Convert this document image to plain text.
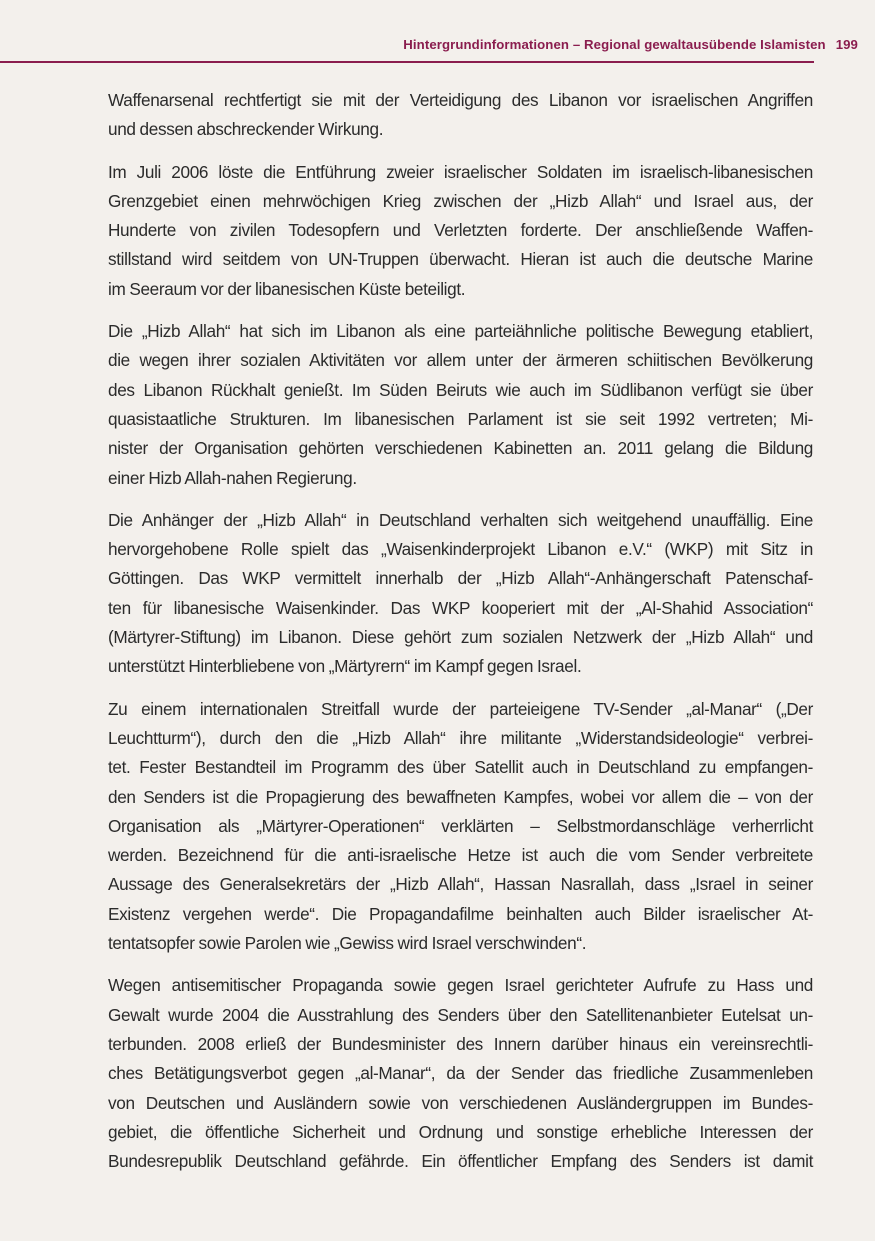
Hintergrundinformationen – Regional gewaltausübende Islamisten 199

Waffenarsenal rechtfertigt sie mit der Verteidigung des Libanon vor israelischen Angriffen
und dessen abschreckender Wirkung.

Im Juli 2006 löste die Entführung zweier israelischer Soldaten im israelisch-libanesischen
Grenzgebiet einen mehrwöchigen Krieg zwischen der „Hizb Allah“ und Israel aus, der
Hunderte von zivilen Todesopfern und Verletzten forderte. Der anschließende Waffen-
stillstand wird seitdem von UN-Truppen überwacht. Hieran ist auch die deutsche Marine
im Seeraum vor der libanesischen Küste beteiligt.

Die „Hizb Allah“ hat sich im Libanon als eine parteiähnliche politische Bewegung etabliert,
die wegen ihrer sozialen Aktivitäten vor allem unter der ärmeren schiitischen Bevölkerung
des Libanon Rückhalt genießt. Im Süden Beiruts wie auch im Südlibanon verfügt sie über
quasistaatliche Strukturen. Im libanesischen Parlament ist sie seit 1992 vertreten; Mi-
nister der Organisation gehörten verschiedenen Kabinetten an. 2011 gelang die Bildung
einer Hizb Allah-nahen Regierung.

Die Anhänger der „Hizb Allah“ in Deutschland verhalten sich weitgehend unauffällig. Eine
hervorgehobene Rolle spielt das „Waisenkinderprojekt Libanon e.V.“ (WKP) mit Sitz in
Göttingen. Das WKP vermittelt innerhalb der „Hizb Allah“-Anhängerschaft Patenschaf-
ten für libanesische Waisenkinder. Das WKP kooperiert mit der „Al-Shahid Association“
(Märtyrer-Stiftung) im Libanon. Diese gehört zum sozialen Netzwerk der „Hizb Allah“ und
unterstützt Hinterbliebene von „Märtyrern“ im Kampf gegen Israel.

Zu einem internationalen Streitfall wurde der parteieigene TV-Sender „al-Manar“ („Der
Leuchtturm“), durch den die „Hizb Allah“ ihre militante „Widerstandsideologie“ verbrei-
tet. Fester Bestandteil im Programm des über Satellit auch in Deutschland zu empfangen-
den Senders ist die Propagierung des bewaffneten Kampfes, wobei vor allem die – von der
Organisation als „Märtyrer-Operationen“ verklärten – Selbstmordanschläge verherrlicht
werden. Bezeichnend für die anti-israelische Hetze ist auch die vom Sender verbreitete
Aussage des Generalsekretärs der „Hizb Allah“, Hassan Nasrallah, dass „Israel in seiner
Existenz vergehen werde“. Die Propagandafilme beinhalten auch Bilder israelischer At-
tentatsopfer sowie Parolen wie „Gewiss wird Israel verschwinden“.

Wegen antisemitischer Propaganda sowie gegen Israel gerichteter Aufrufe zu Hass und
Gewalt wurde 2004 die Ausstrahlung des Senders über den Satellitenanbieter Eutelsat un-
terbunden. 2008 erließ der Bundesminister des Innern darüber hinaus ein vereinsrechtli-
ches Betätigungsverbot gegen „al-Manar“, da der Sender das friedliche Zusammenleben
von Deutschen und Ausländern sowie von verschiedenen Ausländergruppen im Bundes-
gebiet, die öffentliche Sicherheit und Ordnung und sonstige erhebliche Interessen der
Bundesrepublik Deutschland gefährde. Ein öffentlicher Empfang des Senders ist damit
